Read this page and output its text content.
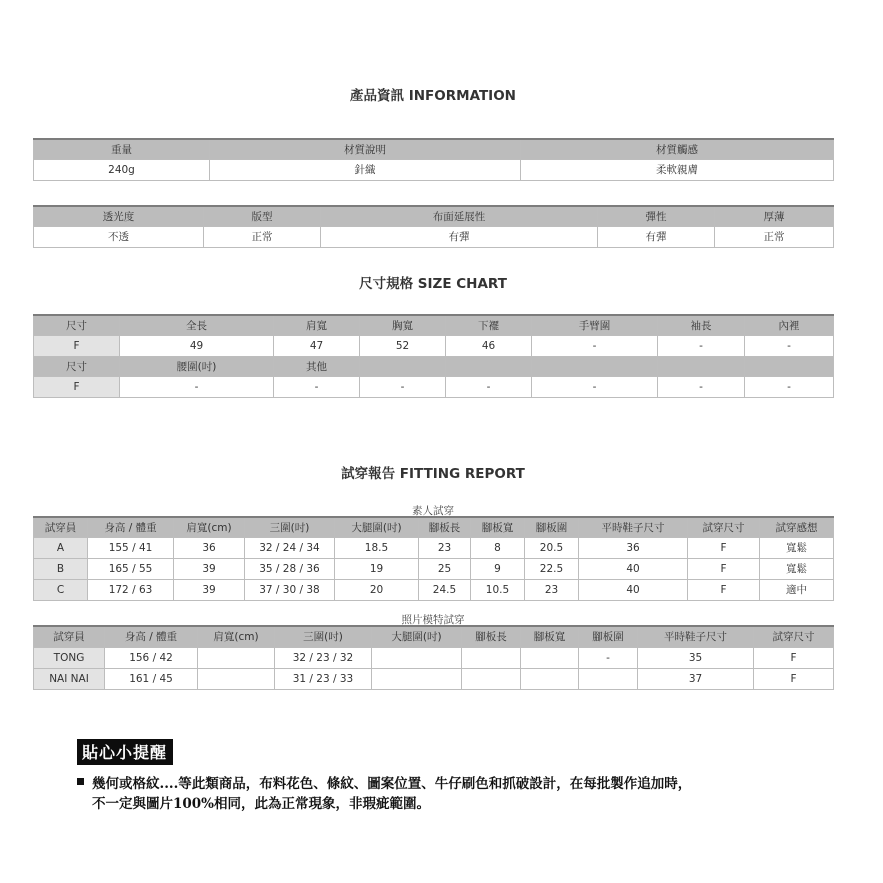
產品資訊 INFORMATION
重量	材質說明	材質觸感
240g	針織	柔軟親膚
透光度	版型	布面延展性	彈性	厚薄
不透	正常	有彈	有彈	正常
尺寸規格 SIZE CHART
尺寸	全長	肩寬	胸寬	下襬	手臂圍	袖長	內裡
F	49	47	52	46	-	-	-
尺寸	腰圍(吋)	其他					
F	-	-	-	-	-	-	-
試穿報告 FITTING REPORT
素人試穿
試穿員	身高 / 體重	肩寬(cm)	三圍(吋)	大腿圍(吋)	腳板長	腳板寬	腳板圍	平時鞋子尺寸	試穿尺寸	試穿感想
A	155 / 41	36	32 / 24 / 34	18.5	23	8	20.5	36	F	寬鬆
B	165 / 55	39	35 / 28 / 36	19	25	9	22.5	40	F	寬鬆
C	172 / 63	39	37 / 30 / 38	20	24.5	10.5	23	40	F	適中
照片模特試穿
試穿員	身高 / 體重	肩寬(cm)	三圍(吋)	大腿圍(吋)	腳板長	腳板寬	腳板圍	平時鞋子尺寸	試穿尺寸
TONG	156 / 42		32 / 23 / 32				-	35	F
NAI NAI	161 / 45		31 / 23 / 33					37	F
貼心小提醒
幾何或格紋....等此類商品，布料花色、條紋、圖案位置、牛仔刷色和抓破設計，在每批製作追加時，
不一定與圖片100%相同，此為正常現象，非瑕疵範圍。
